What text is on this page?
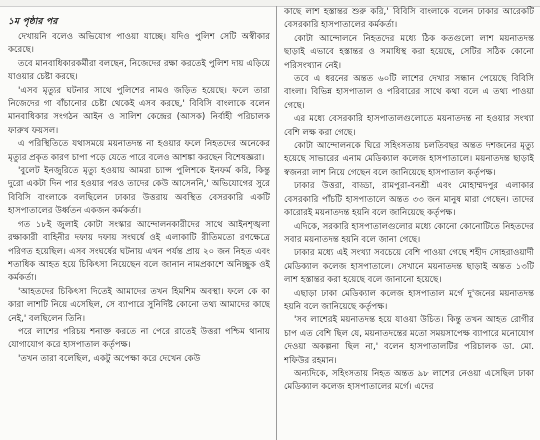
১ম পৃষ্ঠার পর

দেখায়নি বলেও অভিযোগ পাওয়া যাচ্ছে। যদিও পুলিশ সেটি অস্বীকার করেছে।

তবে মানবাধিকারকর্মীরা বলছেন, নিজেদের রক্ষা করতেই পুলিশ দায় এড়িয়ে যাওয়ার চেষ্টা করছে।

'এসব মৃত্যুর ঘটনার সাথে পুলিশের নামও জড়িত হয়েছে। ফলে তারা নিজেদের গা বাঁচানোর চেষ্টা থেকেই এসব করছে,' বিবিসি বাংলাকে বলেন মানবাধিকার সংগঠন আইন ও সালিশ কেন্দ্রের (আসক) নির্বাহী পরিচালক ফারুখ ফয়সল।

এ পরিস্থিতিতে যথাসময়ে ময়নাতদন্ত না হওয়ার ফলে নিহতদের অনেকের মৃত্যুর প্রকৃত কারণ চাপা পড়ে যেতে পারে বলেও আশঙ্কা করছেন বিশেষজ্ঞরা।

'বুলেট ইনজুরিতে মৃত্যু হওয়ায় আমরা চ্যান্স পুলিশকে ইনফর্ম করি, কিন্তু দুরো একটা দিন পার হওয়ার পরও তাদের কেউ আসেননি,' অভিযোগের সুরে বিবিসি বাংলাকে বলছিলেন ঢাকার উত্তরায় অবস্থিত বেসরকারি একটি হাসপাতালের উর্ধ্বতন একজন কর্মকর্তা।

গত ১৮ই জুলাই কোটা সংস্কার আন্দোলনকারীদের সাথে আইনশৃঙ্খলা রক্ষাকারী বাহিনীর দফায় দফায় সংঘর্ষে ওই এলাকাটি রীতিমতো রণক্ষেত্রে পরিণত হয়েছিল। এসব সংঘর্ষের ঘটনায় এখন পর্যন্ত প্রায় ২০ জন নিহত এবং শতাধিক আহত হয়ে চিকিৎসা নিয়েছেন বলে জানান নামপ্রকাশে অনিচ্ছুক ওই কর্মকর্তা।

'আহতদের চিকিৎসা দিতেই আমাদের তখন হিমশিম অবস্থা। ফলে কে কা কারা লাশটি নিয়ে এসেছিল, সে ব্যাপারে সুনির্দিষ্ট কোনো তথ্য আমাদের কাছে নেই,' বলছিলেন তিনি।

পরে লাশের পরিচয় শনাক্ত করতে না পেরে রাতেই উত্তরা পশ্চিম থানায় যোগাযোগ করে হাসপাতাল কর্তৃপক্ষ।

'তখন তারা বলেছিল, একটু অপেক্ষা করে দেখেন কেউ

কাছে লাশ হস্তান্তর শুরু করি,' বিবিসি বাংলাকে বলেন ঢাকার আরেকটি বেসরকারি হাসপাতালের কর্মকর্তা।

কোটা আন্দোলনে নিহতদের মধ্যে ঠিক কতগুলো লাশ ময়নাতদন্ত ছাড়াই এভাবে হস্তান্তর ও সমাধিস্থ করা হয়েছে, সেটির সঠিক কোনো পরিসংখ্যান নেই।

তবে এ ধরনের অন্তত ৬০টি লাশের দেখার সন্ধান পেয়েছে বিবিসি বাংলা। বিভিন্ন হাসপাতাল ও পরিবারের সাথে কথা বলে এ তথ্য পাওয়া গেছে।

এর মধ্যে বেসরকারি হাসপাতালগুলোতে ময়নাতদন্ত না হওয়ার সংখ্যা বেশি লক্ষ করা গেছে।

কোটা আন্দোলনকে ঘিরে সহিংসতায় চলতিবছর অন্তত দশজনের মৃত্যু হয়েছে সাভারের এনাম মেডিক্যাল কলেজ হাসপাতালে। ময়নাতদন্ত ছাড়াই স্বজনরা লাশ নিয়ে গেছেন বলে জানিয়েছে হাসপাতাল কর্তৃপক্ষ।

ঢাকার উত্তরা, বাড্ডা, রামপুরা-বনশ্রী এবং মোহাম্মদপুর এলাকার বেসরকারি পাঁচটি হাসপাতালে অন্তত ৩৩ জন মানুষ মারা গেছেন। তাদের কারোরই ময়নাতদন্ত হয়নি বলে জানিয়েছে কর্তৃপক্ষ।

এদিকে, সরকারি হাসপাতালগুলোর মধ্যে কোনো কোনোটিতে নিহতদের সবার ময়নাতদন্ত হয়নি বলে জানা গেছে।

ঢাকার মধ্যে এই সংখ্যা সবচেয়ে বেশি পাওয়া গেছে শহীদ সোহরাওয়ার্দী মেডিক্যাল কলেজ হাসপাতালে। সেখানে ময়নাতদন্ত ছাড়াই অন্তত ১৩টি লাশ হস্তান্তর করা হয়েছে বলে জানানো হয়েছে।

এছাড়া ঢাকা মেডিক্যাল কলেজ হাসপাতাল মর্গে দু'জনের ময়নাতদন্ত হয়নি বলে জানিয়েছে কর্তৃপক্ষ।

'সব লাশেরই ময়নাতদন্ত হয়ে যাওয়া উচিত। কিন্তু তখন আহত রোগীর চাপ এত বেশি ছিল যে, ময়নাতদন্তের মতো সময়সাপেক্ষ ব্যাপারে মনোযোগ দেওয়া অকল্পনা ছিল না,' বলেন হাসপাতালটির পরিচালক ডা. মো. শফিউর রহমান।

অন্যদিকে, সহিংসতায় নিহত অন্তত ৯৮ লাশের নেওয়া এসেছিল ঢাকা মেডিক্যাল কলেজ হাসপাতালের মর্গে। এদের
